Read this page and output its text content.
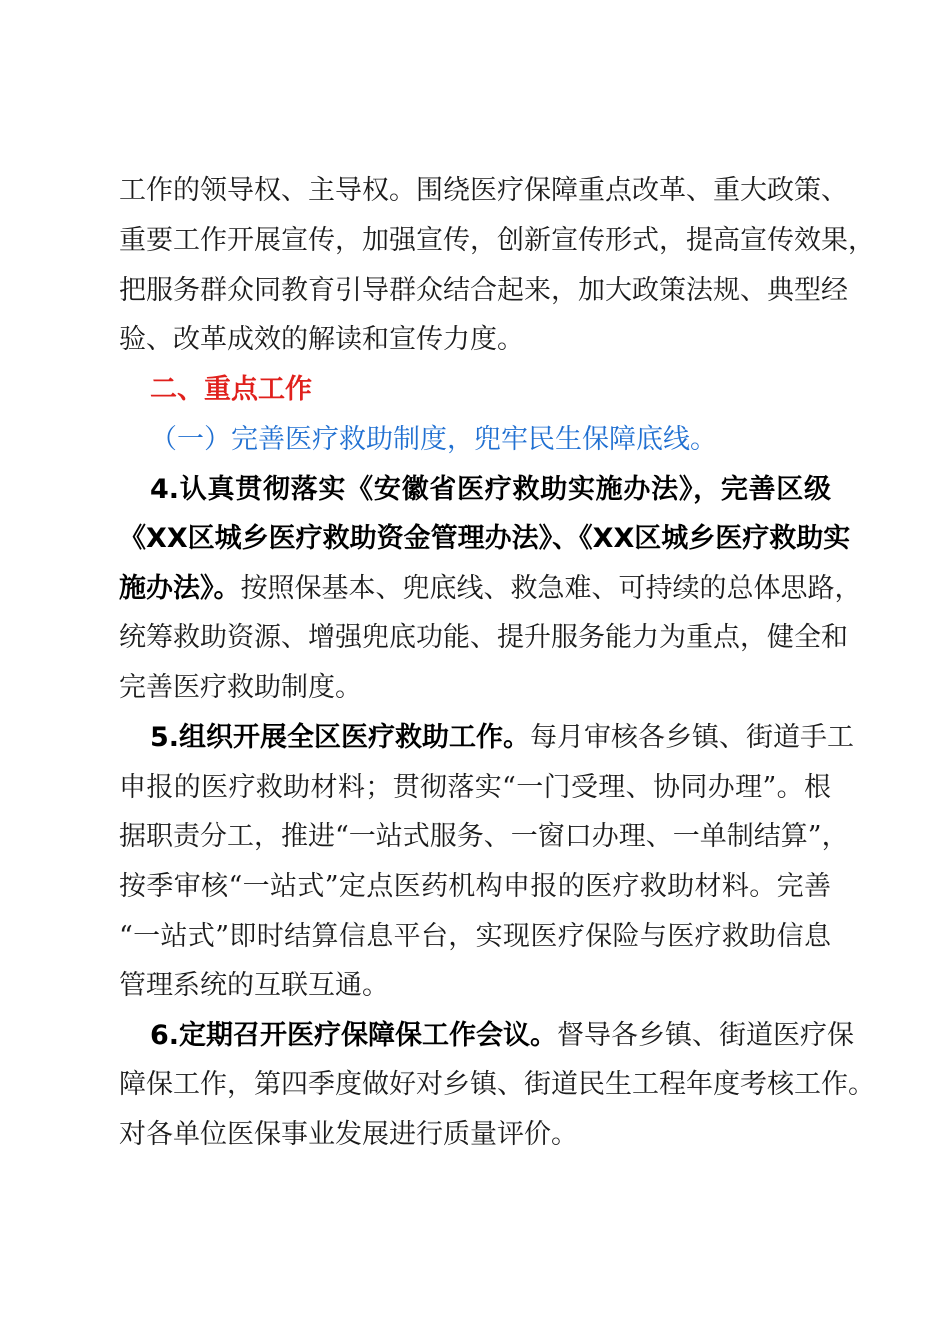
工作的领导权、主导权。围绕医疗保障重点改革、重大政策、
重要工作开展宣传，加强宣传，创新宣传形式，提高宣传效果，
把服务群众同教育引导群众结合起来，加大政策法规、典型经
验、改革成效的解读和宣传力度。
二、重点工作
（一）完善医疗救助制度，兜牢民生保障底线。
4.认真贯彻落实《安徽省医疗救助实施办法》，完善区级
《XX区城乡医疗救助资金管理办法》、《XX区城乡医疗救助实
施办法》。按照保基本、兜底线、救急难、可持续的总体思路，
统筹救助资源、增强兜底功能、提升服务能力为重点，健全和
完善医疗救助制度。
5.组织开展全区医疗救助工作。每月审核各乡镇、街道手工
申报的医疗救助材料；贯彻落实“一门受理、协同办理”。根
据职责分工，推进“一站式服务、一窗口办理、一单制结算”，
按季审核“一站式”定点医药机构申报的医疗救助材料。完善
“一站式”即时结算信息平台，实现医疗保险与医疗救助信息
管理系统的互联互通。
6.定期召开医疗保障保工作会议。督导各乡镇、街道医疗保
障保工作，第四季度做好对乡镇、街道民生工程年度考核工作。
对各单位医保事业发展进行质量评价。
